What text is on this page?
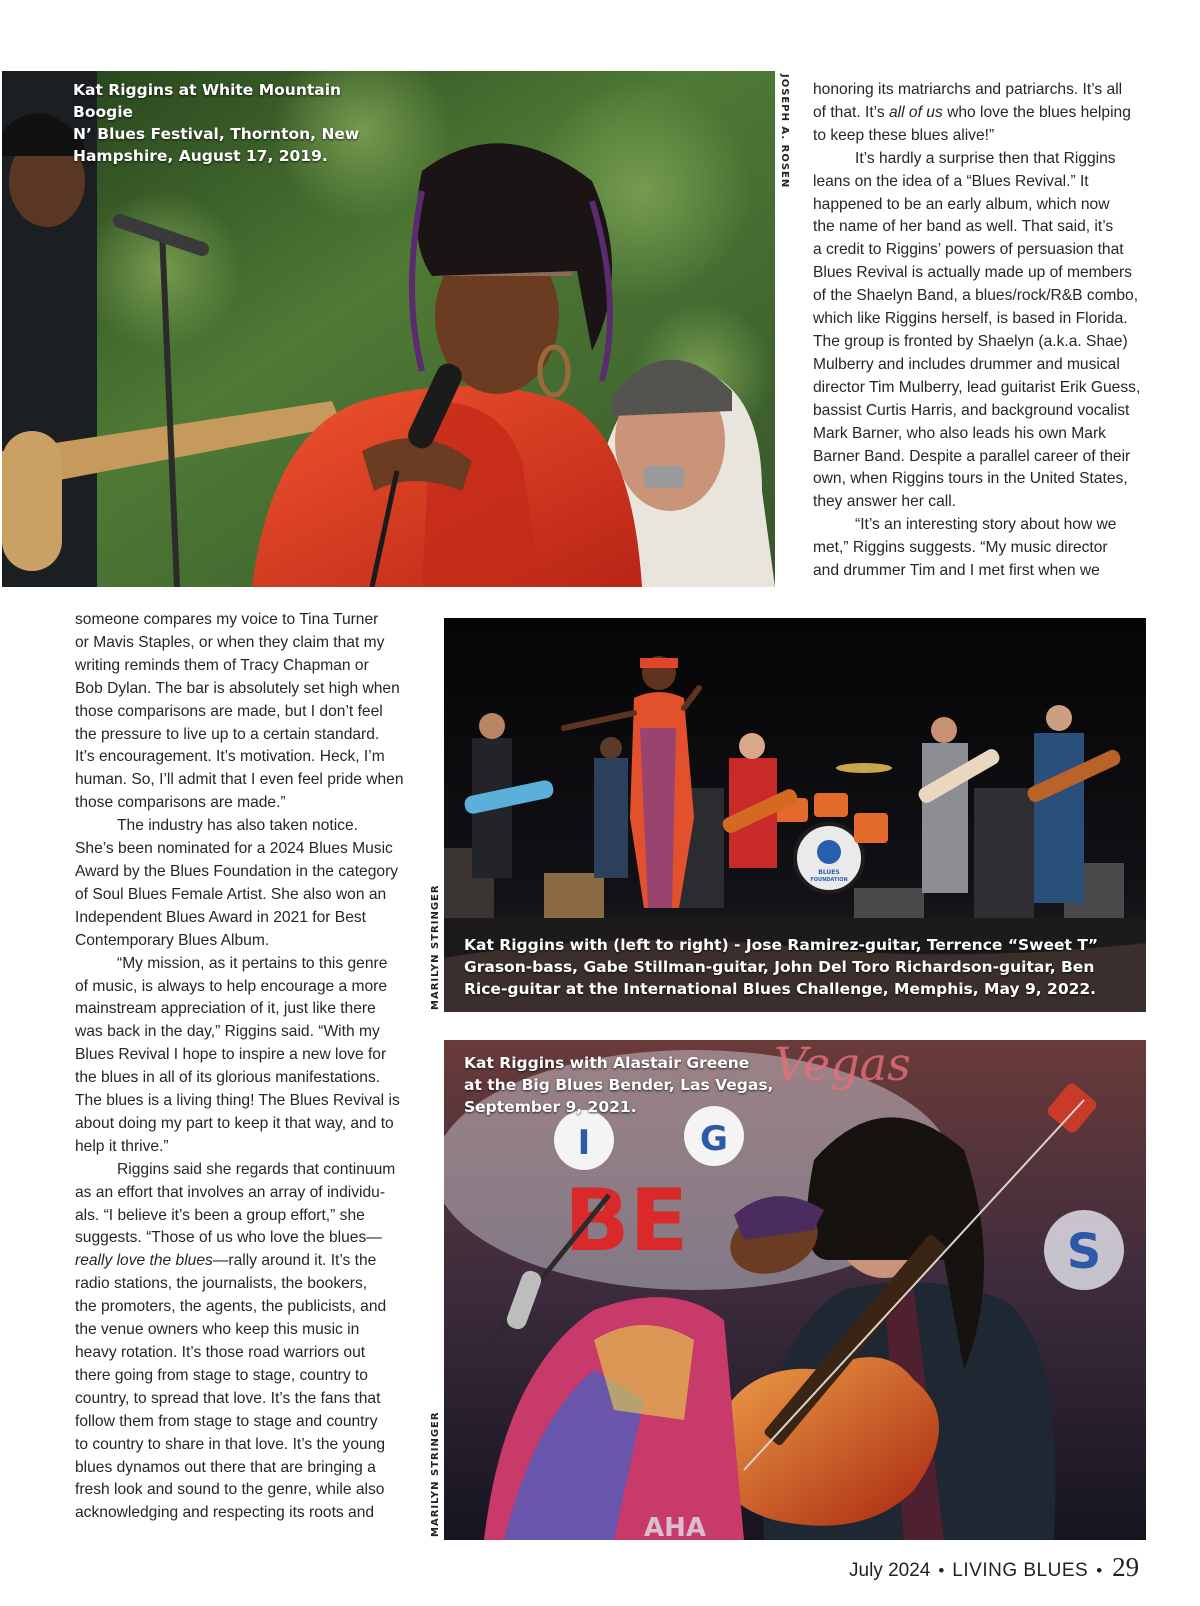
Kat Riggins at White Mountain Boogie
N’ Blues Festival, Thornton, New
Hampshire, August 17, 2019.	JOSEPH A. ROSEN honoring its matriarchs and patriarchs. It’s all

of that. It’s all of us who love the blues helping

to keep these blues alive!”

It’s hardly a surprise then that Riggins

leans on the idea of a “Blues Revival.” It

happened to be an early album, which now

the name of her band as well. That said, it’s

a credit to Riggins’ powers of persuasion that

Blues Revival is actually made up of members

of the Shaelyn Band, a blues/rock/R&B combo,

which like Riggins herself, is based in Florida.

The group is fronted by Shaelyn (a.k.a. Shae)

Mulberry and includes drummer and musical

director Tim Mulberry, lead guitarist Erik Guess,

bassist Curtis Harris, and background vocalist

Mark Barner, who also leads his own Mark

Barner Band. Despite a parallel career of their

own, when Riggins tours in the United States,

they answer her call.

“It’s an interesting story about how we

met,” Riggins suggests. “My music director

and drummer Tim and I met first when we

someone compares my voice to Tina Turner

or Mavis Staples, or when they claim that my

writing reminds them of Tracy Chapman or

Bob Dylan. The bar is absolutely set high when

those comparisons are made, but I don’t feel

the pressure to live up to a certain standard.

It’s encouragement. It’s motivation. Heck, I’m

human. So, I’ll admit that I even feel pride when

those comparisons are made.”

The industry has also taken notice.

She’s been nominated for a 2024 Blues Music

Award by the Blues Foundation in the category

of Soul Blues Female Artist. She also won an

Independent Blues Award in 2021 for Best

Contemporary Blues Album.

“My mission, as it pertains to this genre

of music, is always to help encourage a more

mainstream appreciation of it, just like there

was back in the day,” Riggins said. “With my

Blues Revival I hope to inspire a new love for

the blues in all of its glorious manifestations.

The blues is a living thing! The Blues Revival is

about doing my part to keep it that way, and to

help it thrive.”

Riggins said she regards that continuum

as an effort that involves an array of individu-

als. “I believe it’s been a group effort,” she

suggests. “Those of us who love the blues—

really love the blues—rally around it. It’s the

radio stations, the journalists, the bookers,

the promoters, the agents, the publicists, and

the venue owners who keep this music in

heavy rotation. It’s those road warriors out

there going from stage to stage, country to

country, to spread that love. It’s the fans that

follow them from stage to stage and country

to country to share in that love. It’s the young

blues dynamos out there that are bringing a

fresh look and sound to the genre, while also

acknowledging and respecting its roots and

BLUES
FOUNDATION
Kat Riggins with (left to right) - Jose Ramirez-guitar, Terrence “Sweet T”
Grason-bass, Gabe Stillman-guitar, John Del Toro Richardson-guitar, Ben
Rice-guitar at the International Blues Challenge, Memphis, May 9, 2022.
MARILYN STRINGER
Vegas
I	G
BE	S
AHA
Kat Riggins with Alastair Greene
at the Big Blues Bender, Las Vegas,
September 9, 2021.
MARILYN STRINGER
July 2024 • LIVING BLUES • 29
